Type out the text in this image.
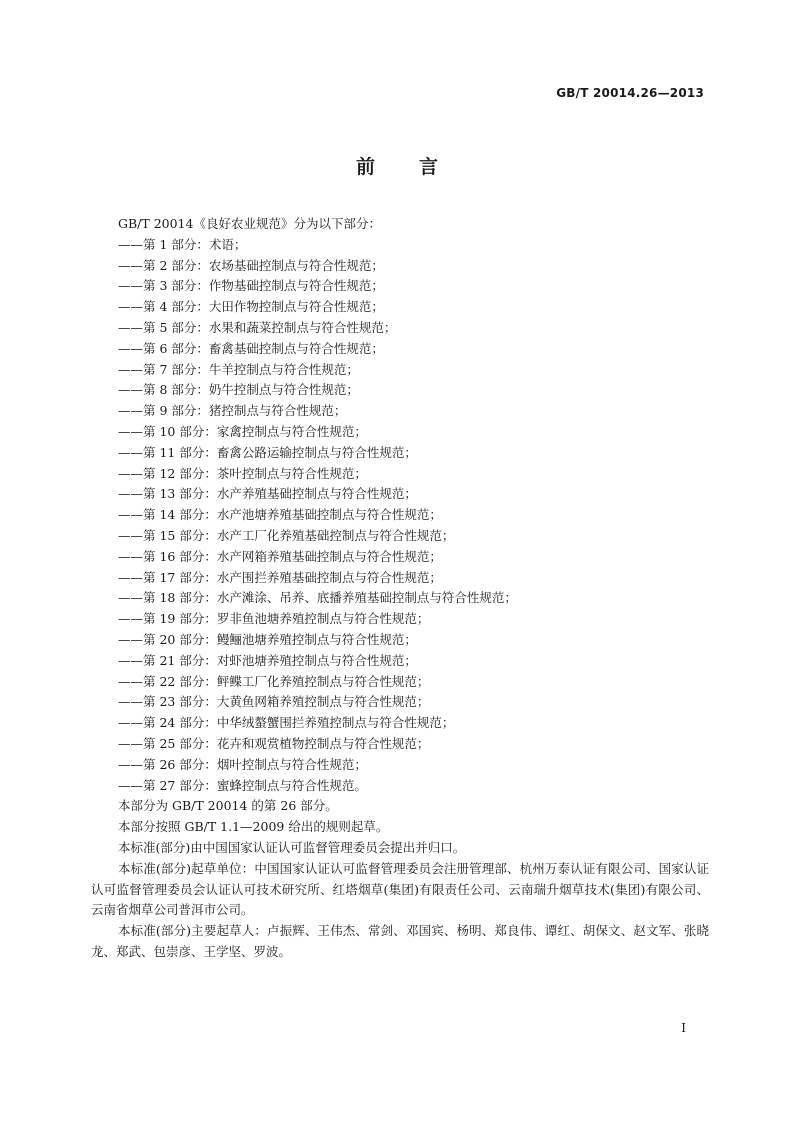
GB/T 20014.26—2013
前言
GB/T 20014《良好农业规范》分为以下部分：
——第 1 部分：术语；
——第 2 部分：农场基础控制点与符合性规范；
——第 3 部分：作物基础控制点与符合性规范；
——第 4 部分：大田作物控制点与符合性规范；
——第 5 部分：水果和蔬菜控制点与符合性规范；
——第 6 部分：畜禽基础控制点与符合性规范；
——第 7 部分：牛羊控制点与符合性规范；
——第 8 部分：奶牛控制点与符合性规范；
——第 9 部分：猪控制点与符合性规范；
——第 10 部分：家禽控制点与符合性规范；
——第 11 部分：畜禽公路运输控制点与符合性规范；
——第 12 部分：茶叶控制点与符合性规范；
——第 13 部分：水产养殖基础控制点与符合性规范；
——第 14 部分：水产池塘养殖基础控制点与符合性规范；
——第 15 部分：水产工厂化养殖基础控制点与符合性规范；
——第 16 部分：水产网箱养殖基础控制点与符合性规范；
——第 17 部分：水产围拦养殖基础控制点与符合性规范；
——第 18 部分：水产滩涂、吊养、底播养殖基础控制点与符合性规范；
——第 19 部分：罗非鱼池塘养殖控制点与符合性规范；
——第 20 部分：鳗鲡池塘养殖控制点与符合性规范；
——第 21 部分：对虾池塘养殖控制点与符合性规范；
——第 22 部分：鲆鲽工厂化养殖控制点与符合性规范；
——第 23 部分：大黄鱼网箱养殖控制点与符合性规范；
——第 24 部分：中华绒螯蟹围拦养殖控制点与符合性规范；
——第 25 部分：花卉和观赏植物控制点与符合性规范；
——第 26 部分：烟叶控制点与符合性规范；
——第 27 部分：蜜蜂控制点与符合性规范。
本部分为 GB/T 20014 的第 26 部分。
本部分按照 GB/T 1.1—2009 给出的规则起草。
本标准(部分)由中国国家认证认可监督管理委员会提出并归口。
本标准(部分)起草单位：中国国家认证认可监督管理委员会注册管理部、杭州万泰认证有限公司、国家认证认可监督管理委员会认证认可技术研究所、红塔烟草(集团)有限责任公司、云南瑞升烟草技术(集团)有限公司、云南省烟草公司普洱市公司。
本标准(部分)主要起草人：卢振辉、王伟杰、常剑、邓国宾、杨明、郑良伟、谭红、胡保文、赵文军、张晓龙、郑武、包崇彦、王学坚、罗波。
I
